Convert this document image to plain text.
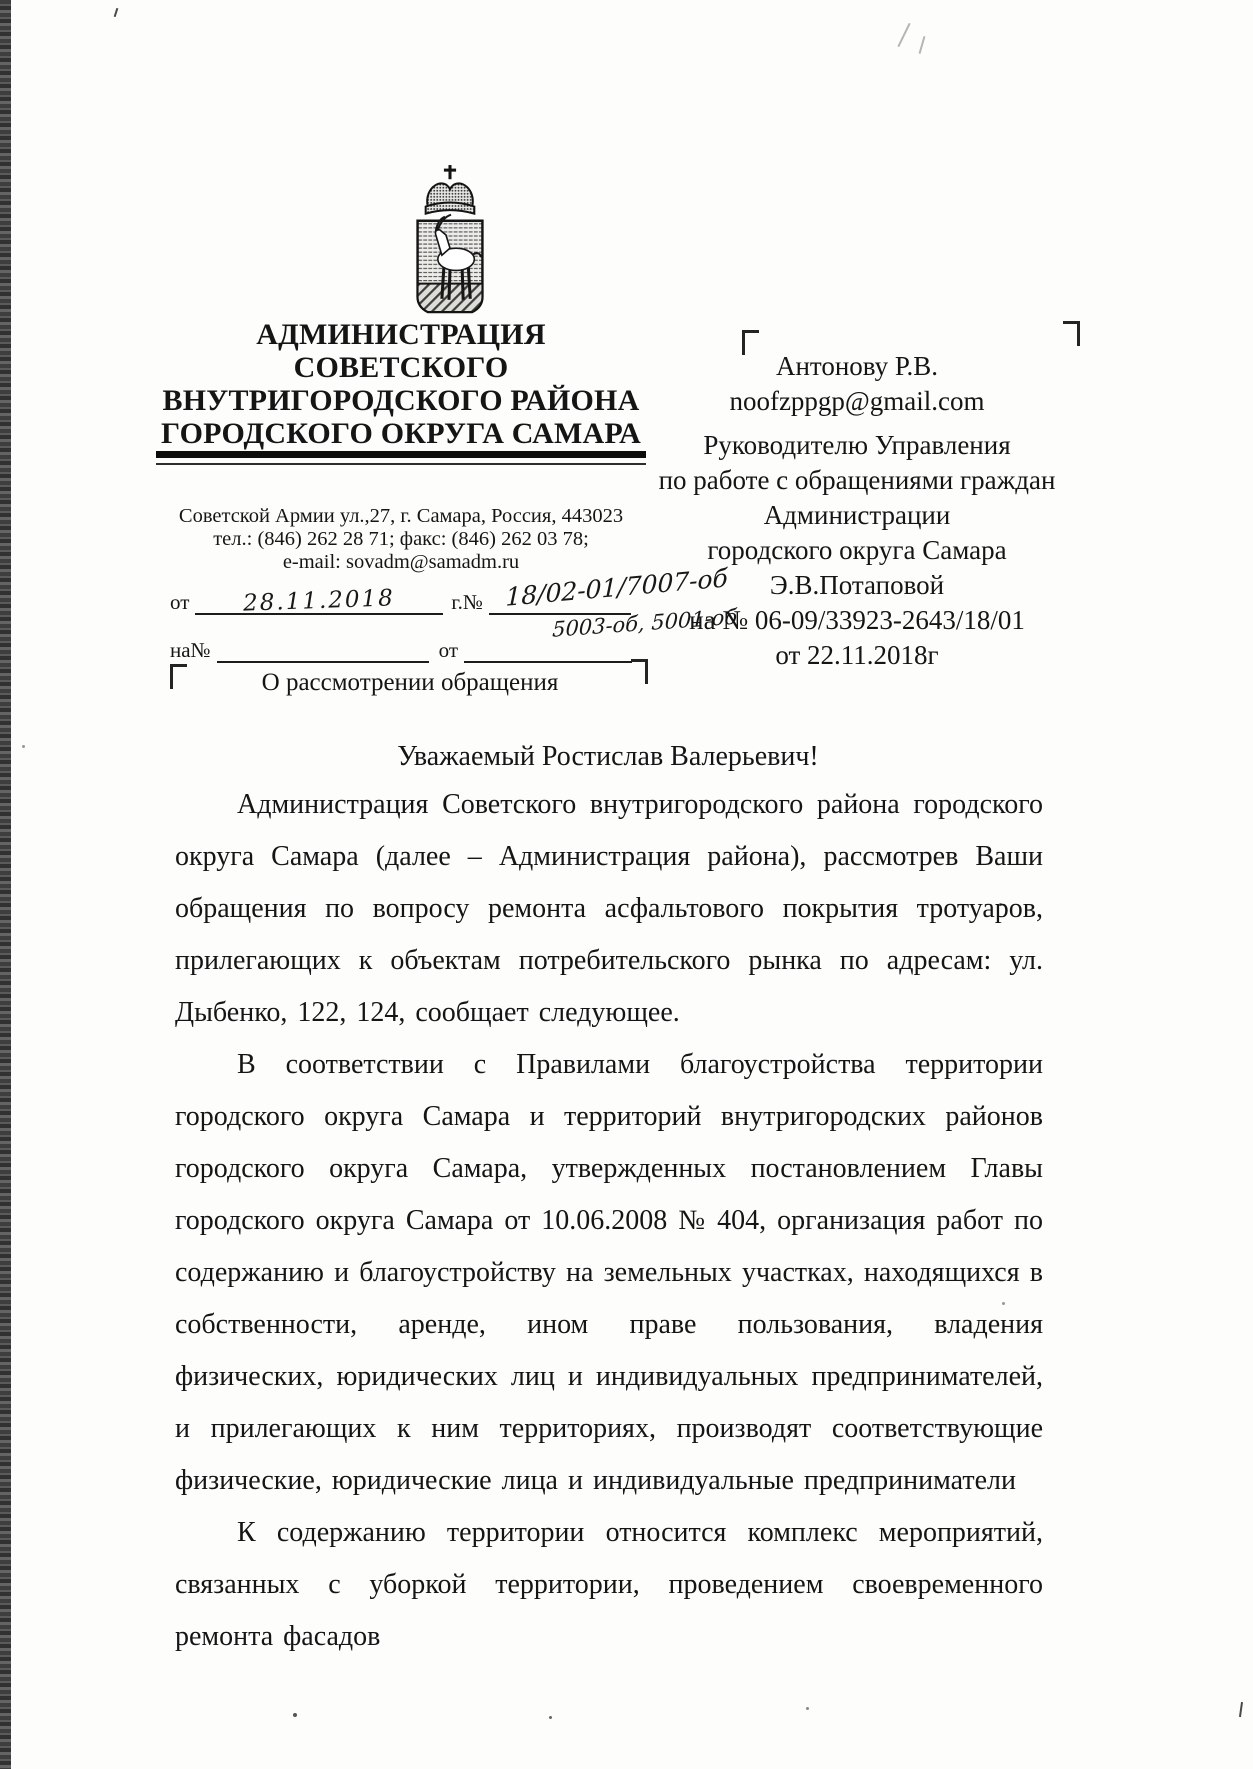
АДМИНИСТРАЦИЯ
СОВЕТСКОГО
ВНУТРИГОРОДСКОГО РАЙОНА
ГОРОДСКОГО ОКРУГА САМАРА
Советской Армии ул.,27, г. Самара, Россия, 443023
тел.: (846) 262 28 71; факс: (846) 262 03 78;
e-mail: sovadm@samadm.ru
от	28.11.2018	г.№ 18/02-01/7007-об
5003-об, 5001-об
на№	от
О рассмотрении обращения
Антонову Р.В.
noofzppgp@gmail.com
Руководителю Управления
по работе с обращениями граждан
Администрации
городского округа Самара
Э.В.Потаповой
на № 06-09/33923-2643/18/01
от 22.11.2018г
Уважаемый Ростислав Валерьевич!

Администрация Советского внутригородского района городского округа Самара (далее – Администрация района), рассмотрев Ваши обращения по вопросу ремонта асфальтового покрытия тротуаров, прилегающих к объектам потребительского рынка по адресам: ул. Дыбенко, 122, 124, сообщает следующее.

В соответствии с Правилами благоустройства территории городского округа Самара и территорий внутригородских районов городского округа Самара, утвержденных постановлением Главы городского округа Самара от 10.06.2008 № 404, организация работ по содержанию и благоустройству на земельных участках, находящихся в собственности, аренде, ином праве пользования, владения физических, юридических лиц и индивидуальных предпринимателей, и прилегающих к ним территориях, производят соответствующие физические, юридические лица и индивидуальные предприниматели

К содержанию территории относится комплекс мероприятий, связанных с уборкой территории, проведением своевременного ремонта фасадов
